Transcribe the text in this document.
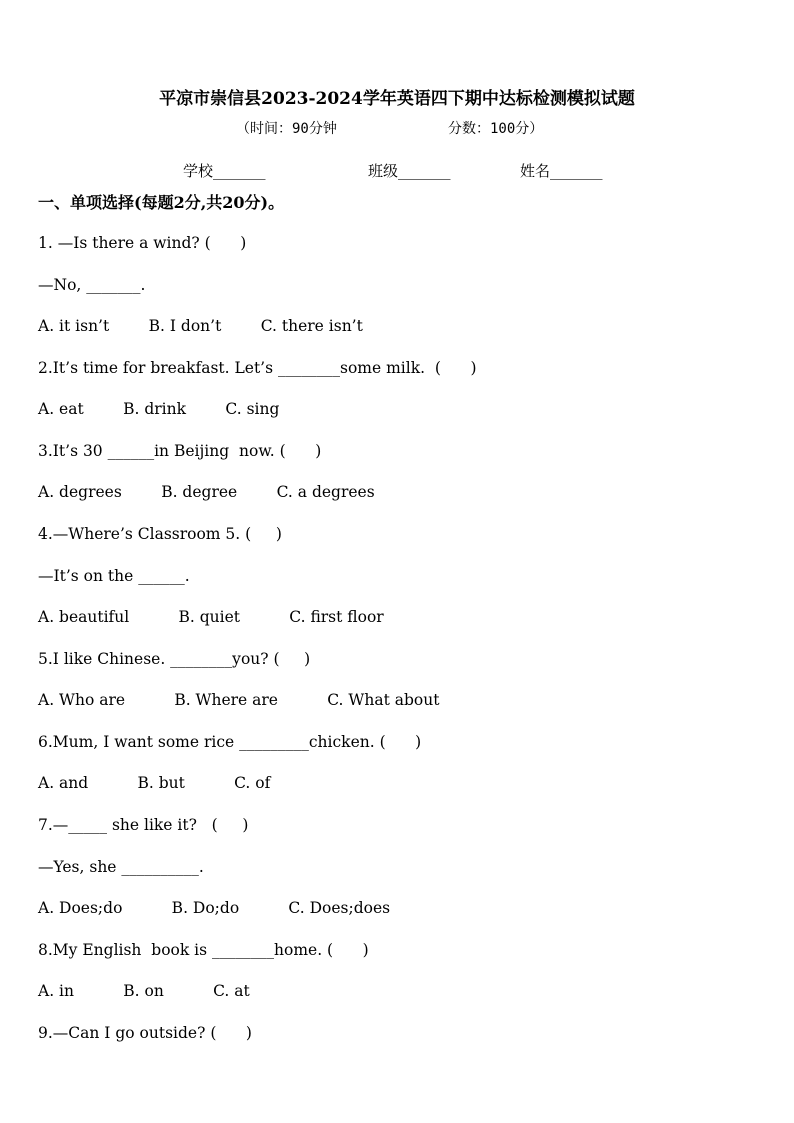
平凉市崇信县2023-2024学年英语四下期中达标检测模拟试题
（时间：90分钟	分数：100分）
学校_______	班级_______	姓名_______
一、单项选择(每题2分,共20分)。
1. —Is there a wind? (      )
—No, _______.
A. it isn’t        B. I don’t        C. there isn’t
2.It’s time for breakfast. Let’s ________some milk.  (      )
A. eat        B. drink        C. sing
3.It’s 30 ______in Beijing  now. (      )
A. degrees        B. degree        C. a degrees
4.—Where’s Classroom 5. (     )
—It’s on the ______.
A. beautiful          B. quiet          C. first floor
5.I like Chinese. ________you? (     )
A. Who are          B. Where are          C. What about
6.Mum, I want some rice _________chicken. (      )
A. and          B. but          C. of
7.—_____ she like it?   (     )
—Yes, she __________.
A. Does;do          B. Do;do          C. Does;does
8.My English  book is ________home. (      )
A. in          B. on          C. at
9.—Can I go outside? (      )
